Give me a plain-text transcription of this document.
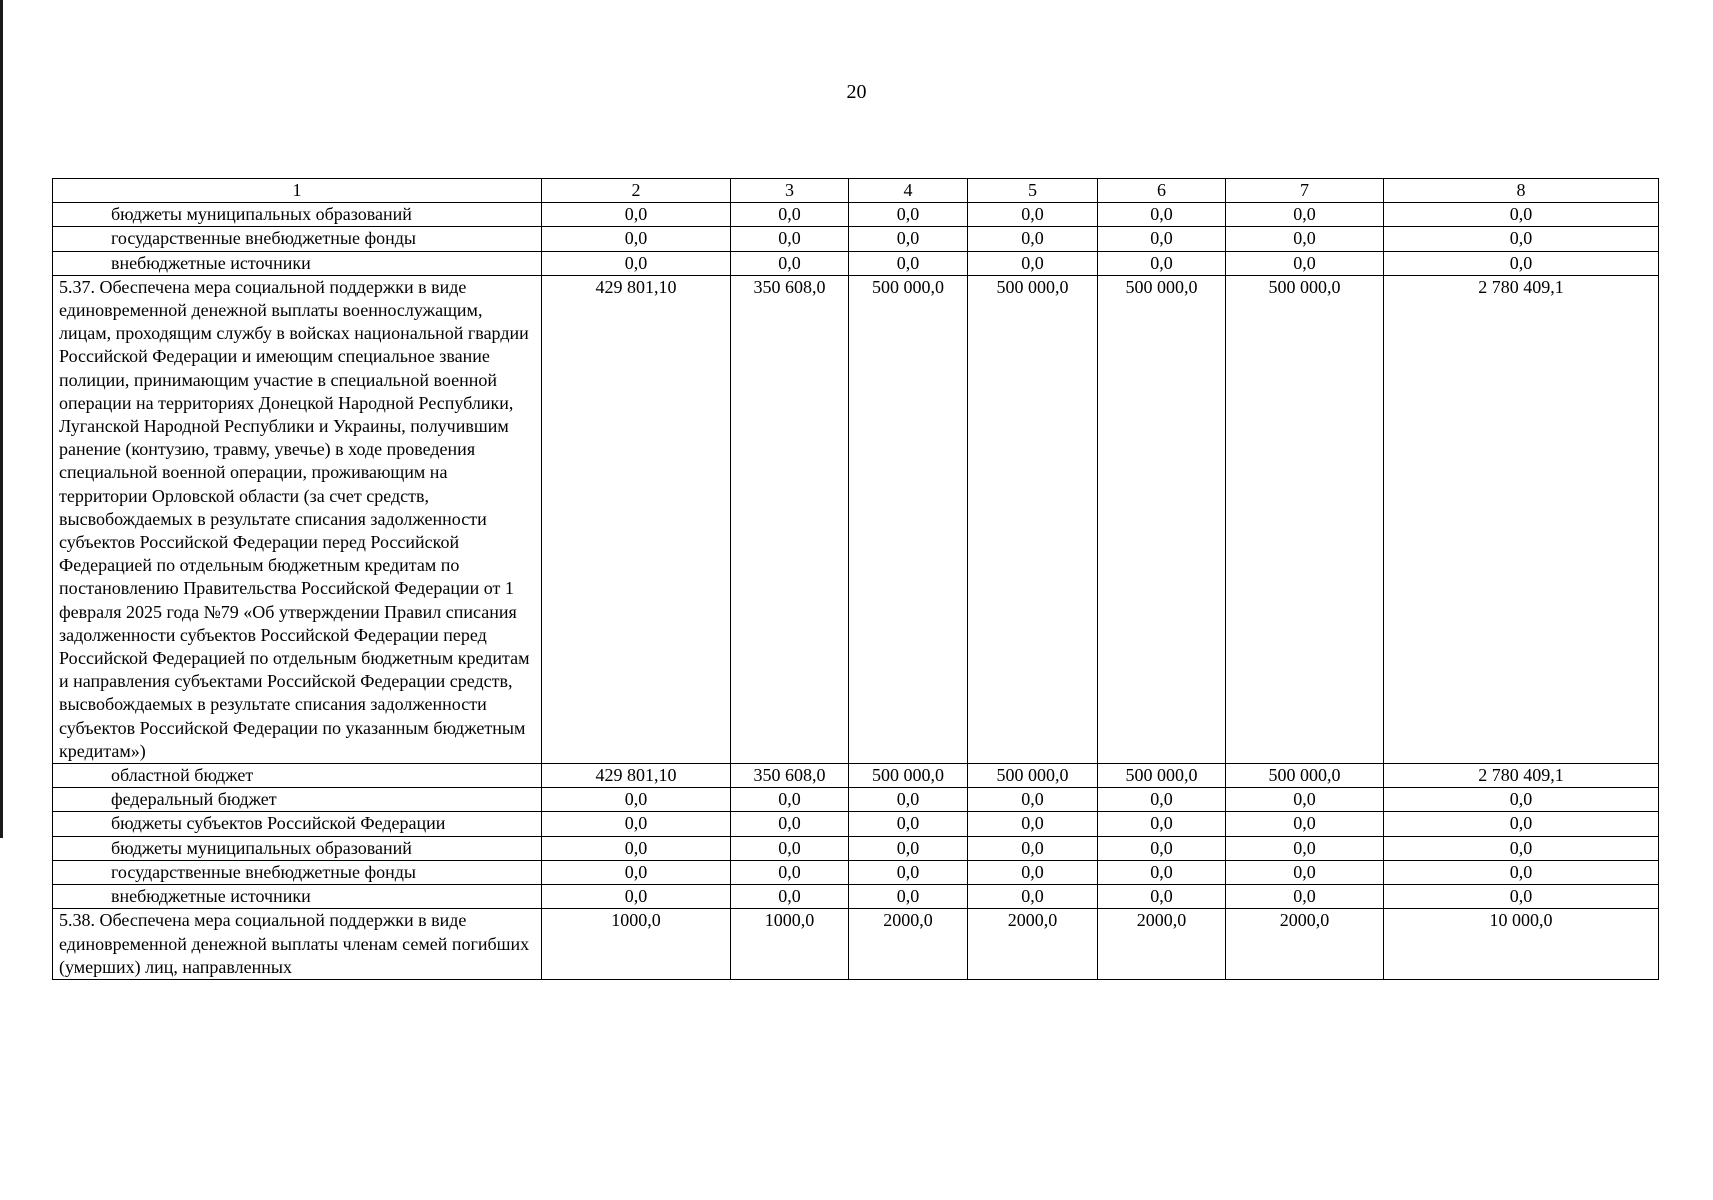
20
1	2	3	4	5	6	7	8
бюджеты муниципальных образований	0,0	0,0	0,0	0,0	0,0	0,0	0,0
государственные внебюджетные фонды	0,0	0,0	0,0	0,0	0,0	0,0	0,0
внебюджетные источники	0,0	0,0	0,0	0,0	0,0	0,0	0,0
5.37. Обеспечена мера социальной поддержки в виде единовременной денежной выплаты военнослужащим, лицам, проходящим службу в войсках национальной гвардии Российской Федерации и имеющим специальное звание полиции, принимающим участие в специальной военной операции на территориях Донецкой Народной Республики, Луганской Народной Республики и Украины, получившим ранение (контузию, травму, увечье) в ходе проведения специальной военной операции, проживающим на территории Орловской области (за счет средств, высвобождаемых в результате списания задолженности субъектов Российской Федерации перед Российской Федерацией по отдельным бюджетным кредитам по постановлению Правительства Российской Федерации от 1 февраля 2025 года №79 «Об утверждении Правил списания задолженности субъектов Российской Федерации перед Российской Федерацией по отдельным бюджетным кредитам и направления субъектами Российской Федерации средств, высвобождаемых в результате списания задолженности субъектов Российской Федерации по указанным бюджетным кредитам»)	429 801,10	350 608,0	500 000,0	500 000,0	500 000,0	500 000,0	2 780 409,1
областной бюджет	429 801,10	350 608,0	500 000,0	500 000,0	500 000,0	500 000,0	2 780 409,1
федеральный бюджет	0,0	0,0	0,0	0,0	0,0	0,0	0,0
бюджеты субъектов Российской Федерации	0,0	0,0	0,0	0,0	0,0	0,0	0,0
бюджеты муниципальных образований	0,0	0,0	0,0	0,0	0,0	0,0	0,0
государственные внебюджетные фонды	0,0	0,0	0,0	0,0	0,0	0,0	0,0
внебюджетные источники	0,0	0,0	0,0	0,0	0,0	0,0	0,0
5.38. Обеспечена мера социальной поддержки в виде единовременной денежной выплаты членам семей погибших (умерших) лиц, направленных	1000,0	1000,0	2000,0	2000,0	2000,0	2000,0	10 000,0
